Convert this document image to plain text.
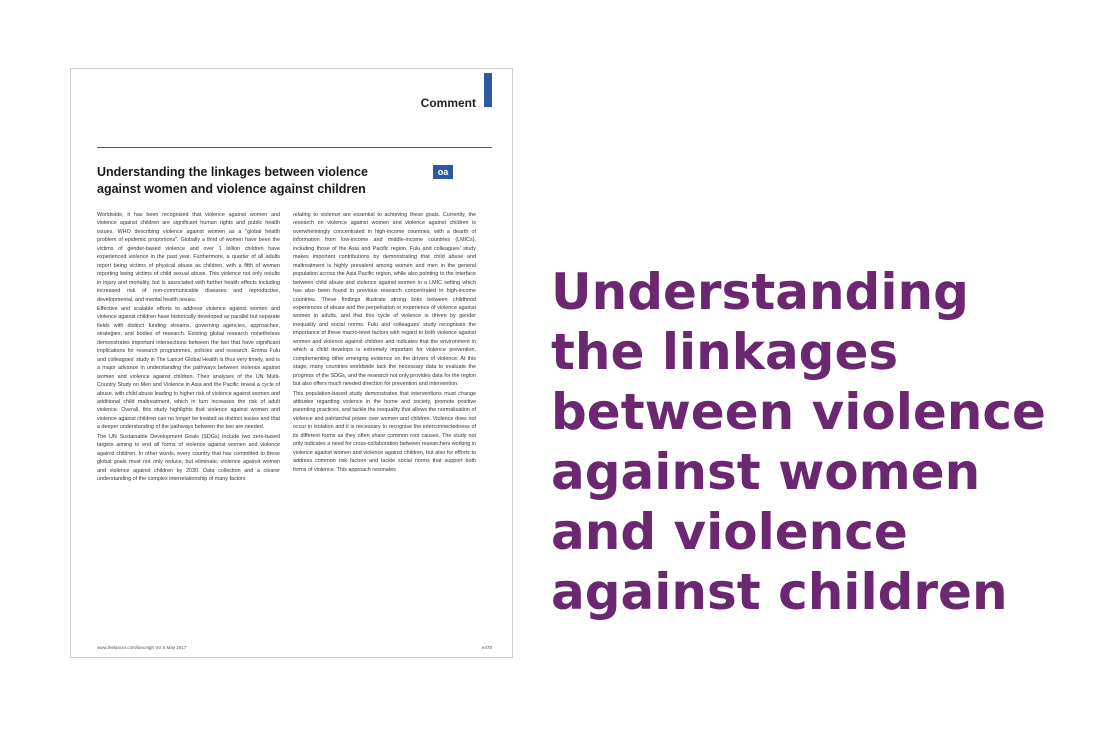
Comment
Understanding the linkages between violence against women and violence against children
oa

Worldwide, it has been recognised that violence against women and violence against children are significant human rights and public health issues. WHO describing violence against women as a "global health problem of epidemic proportions". Globally a third of women have been the victims of gender-based violence and over 1 billion children have experienced violence in the past year. Furthermore, a quarter of all adults report being victims of physical abuse as children, with a fifth of women reporting being victims of child sexual abuse. This violence not only results in injury and mortality, but is associated with further health effects including increased risk of non-communicable diseases and reproductive, developmental, and mental health issues.

Effective and scalable efforts to address violence against women and violence against children have historically developed as parallel but separate fields with distinct funding streams, governing agencies, approaches, strategies, and bodies of research. Existing global research nonetheless demonstrates important intersections between the two that have significant implications for research programmes, policies and research. Emma Fulu and colleagues' study in The Lancet Global Health is thus very timely, and is a major advance in understanding the pathways between violence against women and violence against children. Their analyses of the UN Multi-Country Study on Men and Violence in Asia and the Pacific reveal a cycle of abuse, with child abuse leading to higher risk of violence against women and additional child maltreatment, which in turn increases the risk of adult violence. Overall, this study highlights that violence against women and violence against children can no longer be treated as distinct issues and that a deeper understanding of the pathways between the two are needed.

The UN Sustainable Development Goals (SDGs) include two zero-based targets aiming to end all forms of violence against women and violence against children. In other words, every country that has committed to these global goals must not only reduce, but eliminate, violence against women and violence against children by 2030. Data collection and a clearer understanding of the complex interrelationship of many factors

relating to violence are essential to achieving these goals. Currently, the research on violence against women and violence against children is overwhelmingly concentrated in high-income countries, with a dearth of information from low-income and middle-income countries (LMICs), including those of the Asia and Pacific region. Fulu and colleagues' study makes important contributions by demonstrating that child abuse and maltreatment is highly prevalent among women and men in the general population across the Asia Pacific region, while also pointing to the interface between child abuse and violence against women in a LMIC setting which has also been found in previous research concentrated in high-income countries. These findings illustrate strong links between childhood experiences of abuse and the perpetration or experience of violence against women in adults, and that this cycle of violence is driven by gender inequality and social norms. Fulu and colleagues' study recognises the importance of these macro-level factors with regard to both violence against women and violence against children and indicates that the environment in which a child develops is extremely important for violence prevention, complementing other emerging evidence on the drivers of violence. At this stage, many countries worldwide lack the necessary data to evaluate the progress of the SDGs, and the research not only provides data for the region but also offers much needed direction for prevention and intervention.

This population-based study demonstrates that interventions must change attitudes regarding violence in the home and society, promote positive parenting practices, and tackle the inequality that allows the normalisation of violence and patriarchal power over women and children. Violence does not occur in isolation and it is necessary to recognise the interconnectedness of its different forms as they often share common root causes. The study not only indicates a need for cross-collaboration between researchers working in violence against women and violence against children, but also for efforts to address common risk factors and tackle social norms that support both forms of violence. This approach resonates

www.thelancet.com/lancetgh Vol 5 May 2017	e478
Understanding
the linkages
between violence
against women
and violence
against children
